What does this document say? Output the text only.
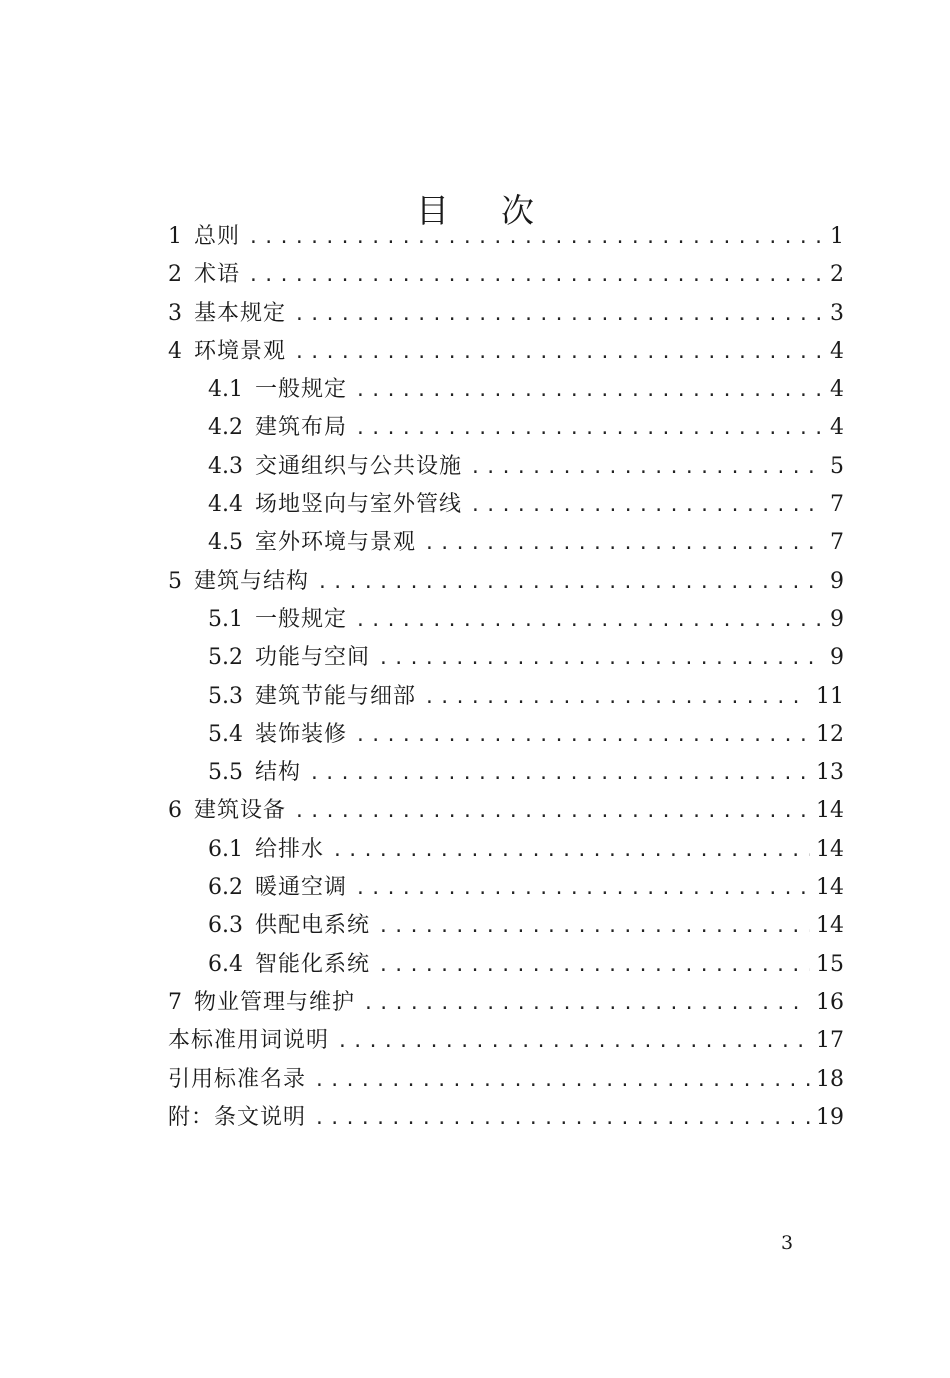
目 次
1 总则 . . .	1
2 术语 . . .	2
3 基本规定 . . .	3
4 环境景观 . . .	4
4.1 一般规定 . . .	4
4.2 建筑布局 . . .	4
4.3 交通组织与公共设施 . . .	5
4.4 场地竖向与室外管线 . . .	7
4.5 室外环境与景观 . . .	7
5 建筑与结构 . . .	9
5.1 一般规定 . . .	9
5.2 功能与空间 . . .	9
5.3 建筑节能与细部 . . .	11
5.4 装饰装修 . . .	12
5.5 结构 . . .	13
6 建筑设备 . . .	14
6.1 给排水 . . .	14
6.2 暖通空调 . . .	14
6.3 供配电系统 . . .	14
6.4 智能化系统 . . .	15
7 物业管理与维护 . . .	16
本标准用词说明 . . .	17
引用标准名录 . . .	18
附：条文说明 . . .	19
3
